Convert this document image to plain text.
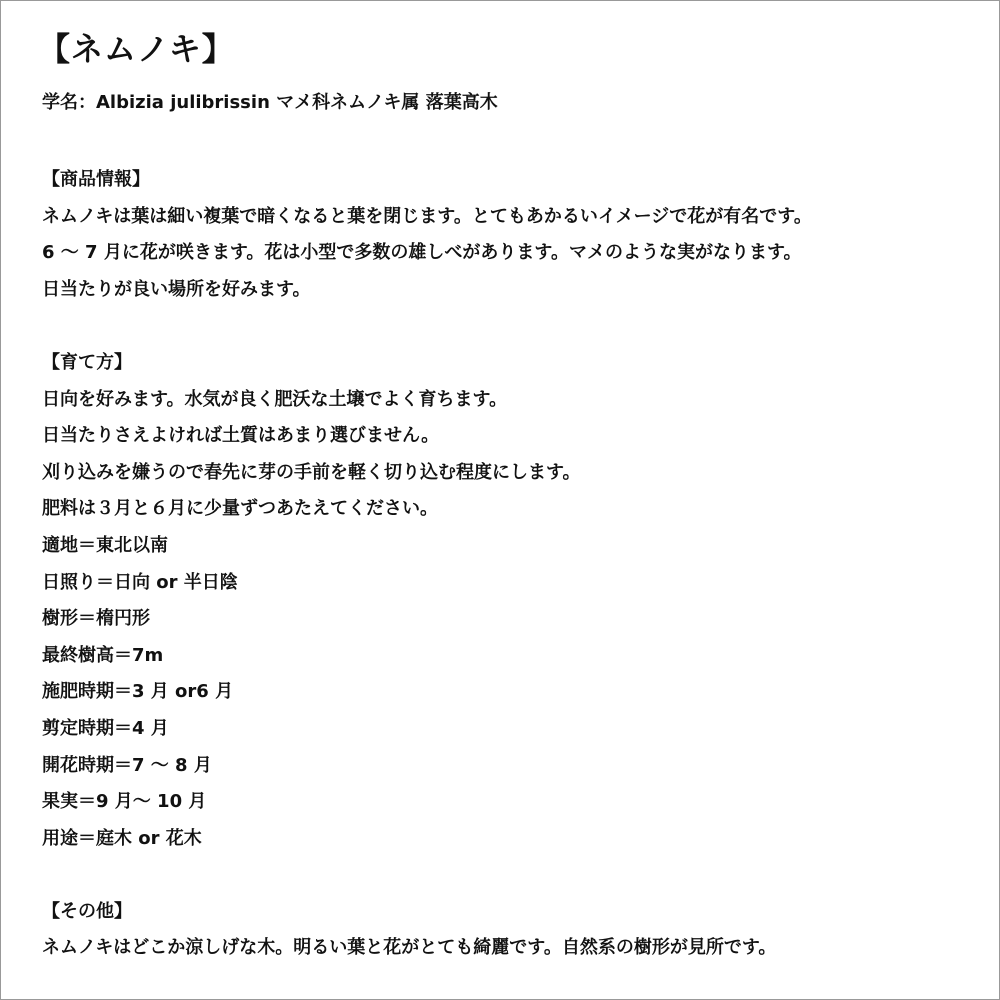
【ネムノキ】
学名：Albizia julibrissin マメ科ネムノキ属 落葉高木
【商品情報】
ネムノキは葉は細い複葉で暗くなると葉を閉じます。とてもあかるいイメージで花が有名です。
6 ～ 7 月に花が咲きます。花は小型で多数の雄しべがあります。マメのような実がなります。
日当たりが良い場所を好みます。
【育て方】
日向を好みます。水気が良く肥沃な土壌でよく育ちます。
日当たりさえよければ土質はあまり選びません。
刈り込みを嫌うので春先に芽の手前を軽く切り込む程度にします。
肥料は３月と６月に少量ずつあたえてください。
適地＝東北以南
日照り＝日向 or 半日陰
樹形＝楕円形
最終樹高＝7m
施肥時期＝3 月 or6 月
剪定時期＝4 月
開花時期＝7 ～ 8 月
果実＝9 月～ 10 月
用途＝庭木 or 花木
【その他】
ネムノキはどこか涼しげな木。明るい葉と花がとても綺麗です。自然系の樹形が見所です。
